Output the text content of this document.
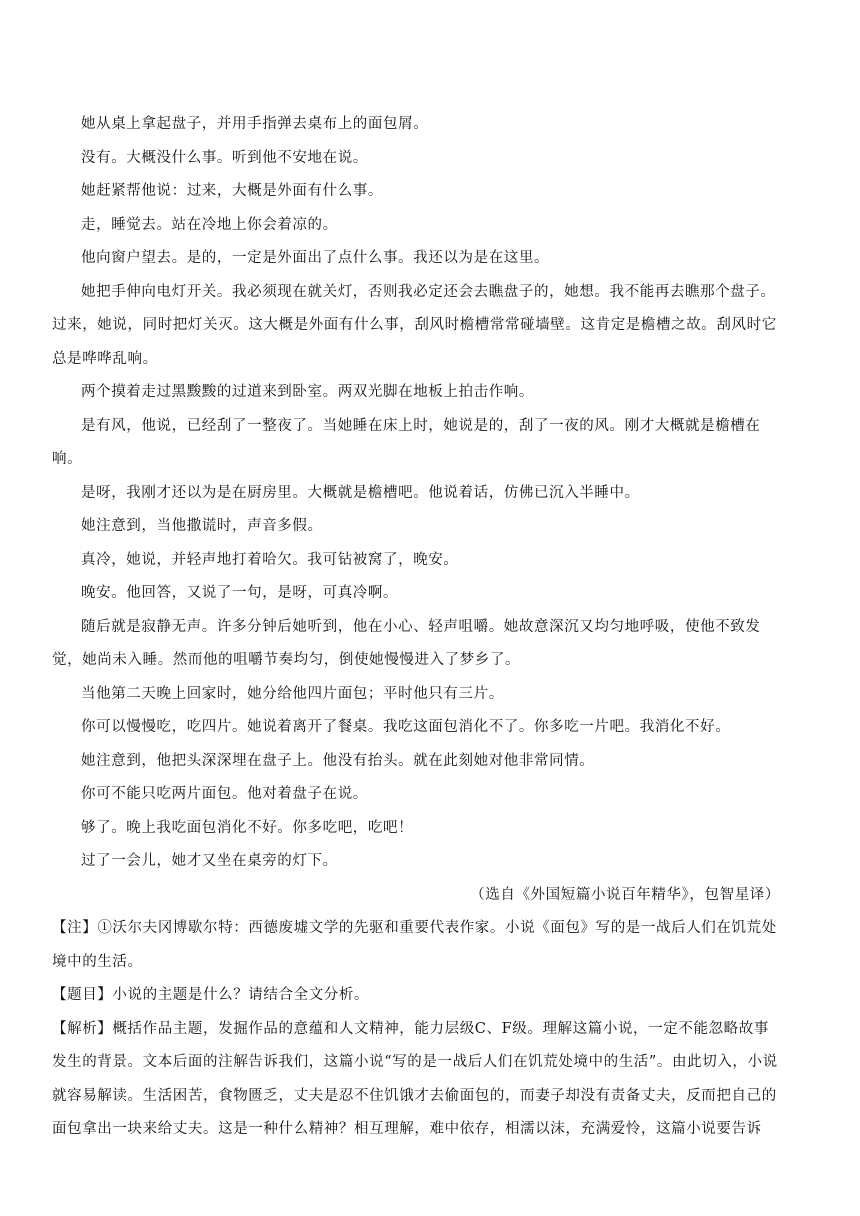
她从桌上拿起盘子，并用手指弹去桌布上的面包屑。

没有。大概没什么事。听到他不安地在说。

她赶紧帮他说：过来，大概是外面有什么事。

走，睡觉去。站在冷地上你会着凉的。

他向窗户望去。是的，一定是外面出了点什么事。我还以为是在这里。

她把手伸向电灯开关。我必须现在就关灯，否则我必定还会去瞧盘子的，她想。我不能再去瞧那个盘子。过来，她说，同时把灯关灭。这大概是外面有什么事，刮风时檐槽常常碰墙壁。这肯定是檐槽之故。刮风时它总是哗哗乱响。

两个摸着走过黑黢黢的过道来到卧室。两双光脚在地板上拍击作响。

是有风，他说，已经刮了一整夜了。当她睡在床上时，她说是的，刮了一夜的风。刚才大概就是檐槽在响。

是呀，我刚才还以为是在厨房里。大概就是檐槽吧。他说着话，仿佛已沉入半睡中。

她注意到，当他撒谎时，声音多假。

真冷，她说，并轻声地打着哈欠。我可钻被窝了，晚安。

晚安。他回答，又说了一句，是呀，可真冷啊。

随后就是寂静无声。许多分钟后她听到，他在小心、轻声咀嚼。她故意深沉又均匀地呼吸，使他不致发觉，她尚未入睡。然而他的咀嚼节奏均匀，倒使她慢慢进入了梦乡了。

当他第二天晚上回家时，她分给他四片面包；平时他只有三片。

你可以慢慢吃，吃四片。她说着离开了餐桌。我吃这面包消化不了。你多吃一片吧。我消化不好。

她注意到，他把头深深埋在盘子上。他没有抬头。就在此刻她对他非常同情。

你可不能只吃两片面包。他对着盘子在说。

够了。晚上我吃面包消化不好。你多吃吧，吃吧！

过了一会儿，她才又坐在桌旁的灯下。

（选自《外国短篇小说百年精华》，包智星译）

【注】①沃尔夫冈博歇尔特：西德废墟文学的先驱和重要代表作家。小说《面包》写的是一战后人们在饥荒处境中的生活。

【题目】小说的主题是什么？请结合全文分析。

【解析】概括作品主题，发掘作品的意蕴和人文精神，能力层级C、F级。理解这篇小说，一定不能忽略故事发生的背景。文本后面的注解告诉我们，这篇小说“写的是一战后人们在饥荒处境中的生活”。由此切入，小说就容易解读。生活困苦，食物匮乏，丈夫是忍不住饥饿才去偷面包的，而妻子却没有责备丈夫，反而把自己的面包拿出一块来给丈夫。这是一种什么精神？相互理解，难中依存，相濡以沫，充满爱怜，这篇小说要告诉
